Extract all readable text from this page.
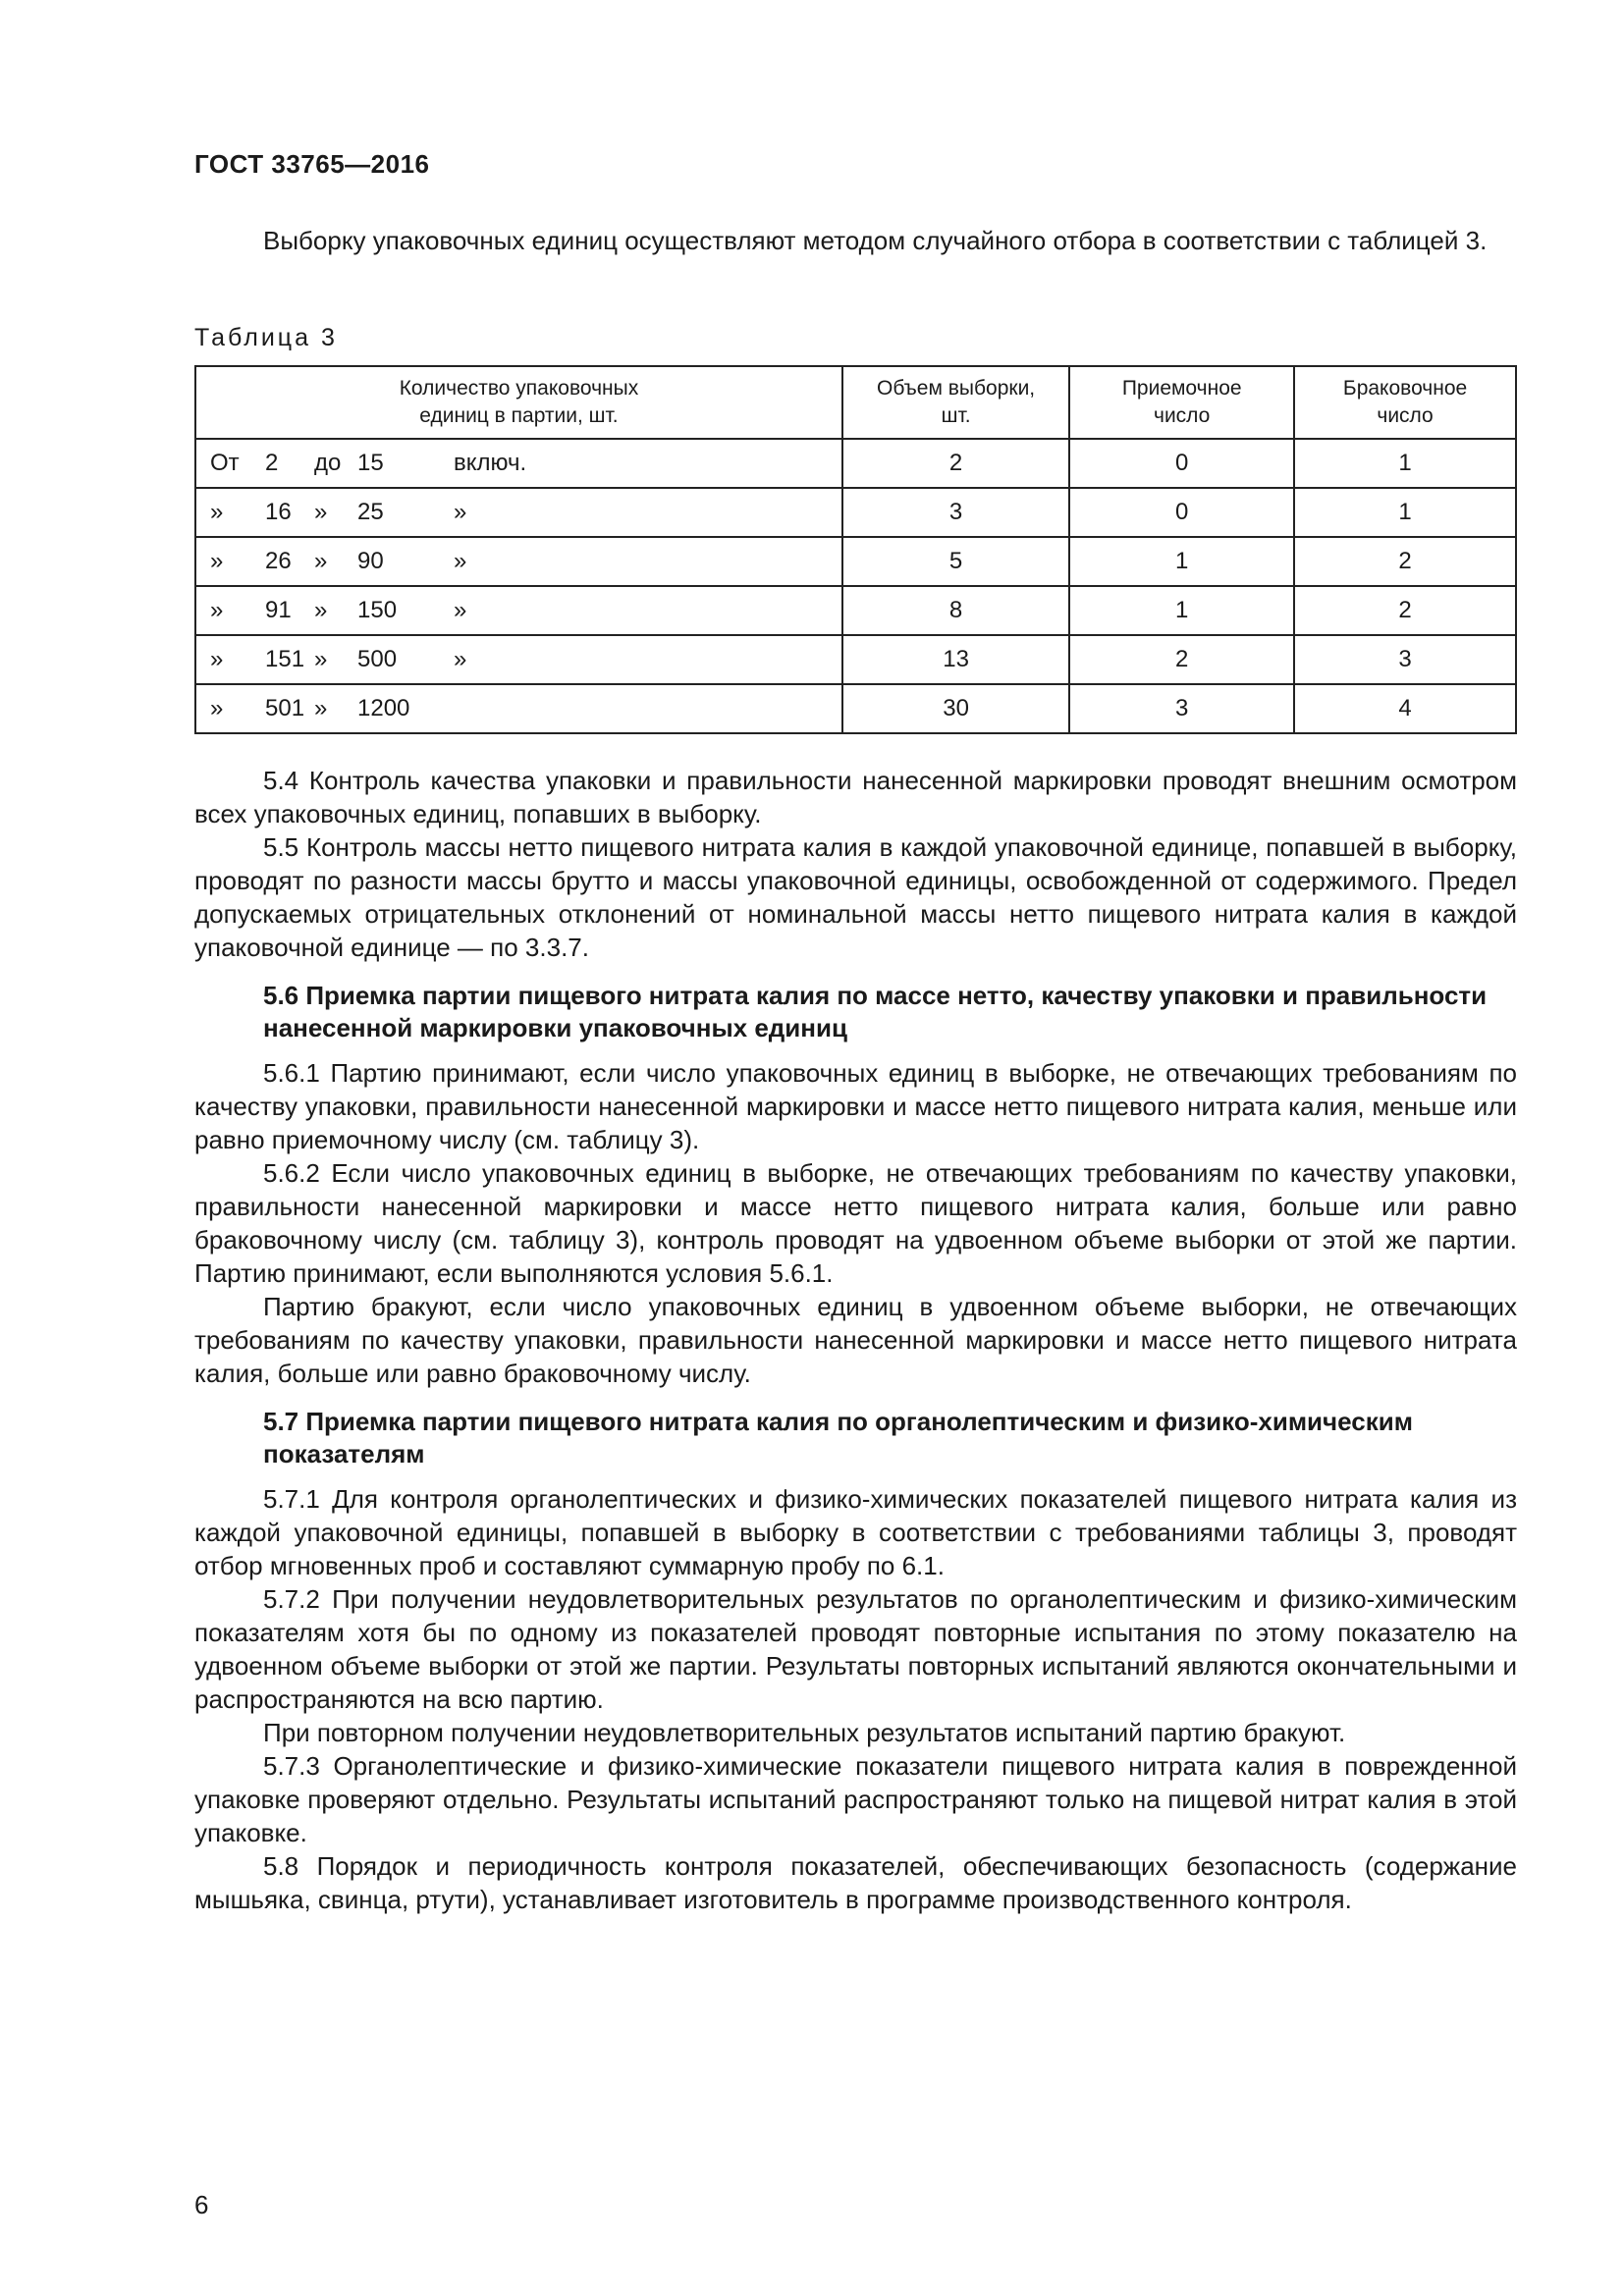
ГОСТ 33765—2016

Выборку упаковочных единиц осуществляют методом случайного отбора в соответствии с таблицей 3.

Таблица 3
Количество упаковочных единиц в партии, шт.	Объем выборки, шт.	Приемочное число	Браковочное число

От 2 до 15 включ.	2	0	1

» 16 » 25 »	3	0	1

» 26 » 90 »	5	1	2

» 91 » 150 »	8	1	2

» 151 » 500 »	13	2	3

» 501 » 1200	30	3	4

5.4 Контроль качества упаковки и правильности нанесенной маркировки проводят внешним осмотром всех упаковочных единиц, попавших в выборку.

5.5 Контроль массы нетто пищевого нитрата калия в каждой упаковочной единице, попавшей в выборку, проводят по разности массы брутто и массы упаковочной единицы, освобожденной от содержимого. Предел допускаемых отрицательных отклонений от номинальной массы нетто пищевого нитрата калия в каждой упаковочной единице — по 3.3.7.

5.6 Приемка партии пищевого нитрата калия по массе нетто, качеству упаковки и правильности нанесенной маркировки упаковочных единиц

5.6.1 Партию принимают, если число упаковочных единиц в выборке, не отвечающих требованиям по качеству упаковки, правильности нанесенной маркировки и массе нетто пищевого нитрата калия, меньше или равно приемочному числу (см. таблицу 3).

5.6.2 Если число упаковочных единиц в выборке, не отвечающих требованиям по качеству упаковки, правильности нанесенной маркировки и массе нетто пищевого нитрата калия, больше или равно браковочному числу (см. таблицу 3), контроль проводят на удвоенном объеме выборки от этой же партии. Партию принимают, если выполняются условия 5.6.1.

Партию бракуют, если число упаковочных единиц в удвоенном объеме выборки, не отвечающих требованиям по качеству упаковки, правильности нанесенной маркировки и массе нетто пищевого нитрата калия, больше или равно браковочному числу.

5.7 Приемка партии пищевого нитрата калия по органолептическим и физико-химическим показателям

5.7.1 Для контроля органолептических и физико-химических показателей пищевого нитрата калия из каждой упаковочной единицы, попавшей в выборку в соответствии с требованиями таблицы 3, проводят отбор мгновенных проб и составляют суммарную пробу по 6.1.

5.7.2 При получении неудовлетворительных результатов по органолептическим и физико-химическим показателям хотя бы по одному из показателей проводят повторные испытания по этому показателю на удвоенном объеме выборки от этой же партии. Результаты повторных испытаний являются окончательными и распространяются на всю партию.

При повторном получении неудовлетворительных результатов испытаний партию бракуют.

5.7.3 Органолептические и физико-химические показатели пищевого нитрата калия в поврежденной упаковке проверяют отдельно. Результаты испытаний распространяют только на пищевой нитрат калия в этой упаковке.

5.8 Порядок и периодичность контроля показателей, обеспечивающих безопасность (содержание мышьяка, свинца, ртути), устанавливает изготовитель в программе производственного контроля.

6
